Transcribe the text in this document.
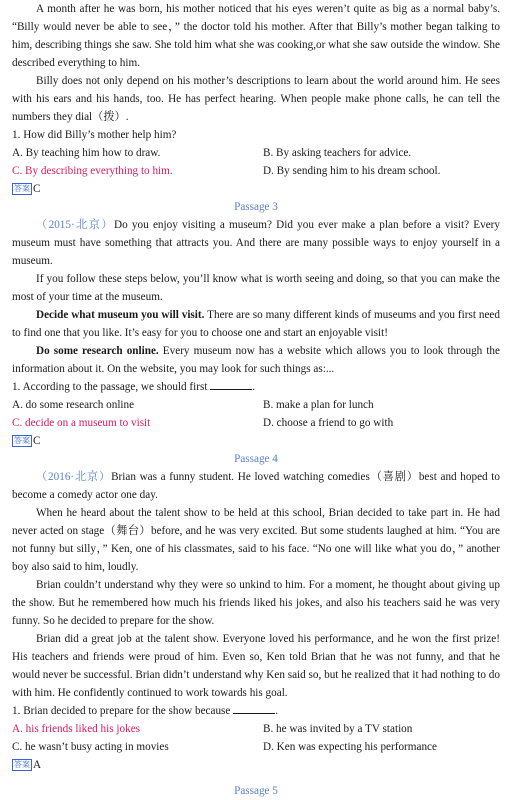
A month after he was born, his mother noticed that his eyes weren’t quite as big as a normal baby’s. “Billy would never be able to see，” the doctor told his mother. After that Billy’s mother began talking to him, describing things she saw. She told him what she was cooking,or what she saw outside the window. She described everything to him.

Billy does not only depend on his mother’s descriptions to learn about the world around him. He sees with his ears and his hands, too. He has perfect hearing. When people make phone calls, he can tell the numbers they dial（拨）.

1. How did Billy’s mother help him?

A. By teaching him how to draw.	B. By asking teachers for advice.
C. By describing everything to him.	D. By sending him to his dream school.
答案 C

Passage 3

（2015·北京）Do you enjoy visiting a museum? Did you ever make a plan before a visit? Every museum must have something that attracts you. And there are many possible ways to enjoy yourself in a museum.

If you follow these steps below, you’ll know what is worth seeing and doing, so that you can make the most of your time at the museum.

Decide what museum you will visit. There are so many different kinds of museums and you first need to find one that you like. It’s easy for you to choose one and start an enjoyable visit!

Do some research online. Every museum now has a website which allows you to look through the information about it. On the website, you may look for such things as:...

1. According to the passage, we should first	.

A. do some research online	B. make a plan for lunch
C. decide on a museum to visit	D. choose a friend to go with
答案 C

Passage 4

（2016·北京）Brian was a funny student. He loved watching comedies（喜剧）best and hoped to become a comedy actor one day.

When he heard about the talent show to be held at this school, Brian decided to take part in. He had never acted on stage（舞台）before, and he was very excited. But some students laughed at him. “You are not funny but silly，” Ken, one of his classmates, said to his face. “No one will like what you do，” another boy also said to him, loudly.

Brian couldn’t understand why they were so unkind to him. For a moment, he thought about giving up the show. But he remembered how much his friends liked his jokes, and also his teachers said he was very funny. So he decided to prepare for the show.

Brian did a great job at the talent show. Everyone loved his performance, and he won the first prize! His teachers and friends were proud of him. Even so, Ken told Brian that he was not funny, and that he would never be successful. Brian didn’t understand why Ken said so, but he realized that it had nothing to do with him. He confidently continued to work towards his goal.

1. Brian decided to prepare for the show because	.

A. his friends liked his jokes	B. he was invited by a TV station
C. he wasn’t busy acting in movies	D. Ken was expecting his performance
答案 A

Passage 5
